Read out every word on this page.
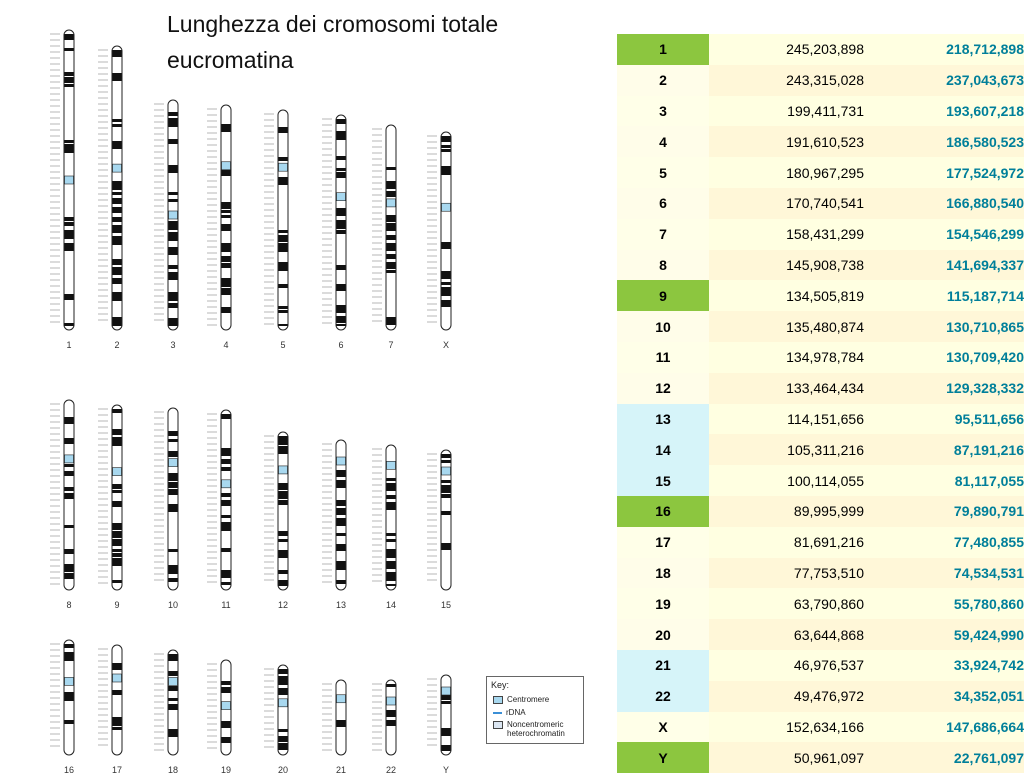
Lunghezza dei cromosomi totale
eucromatina
1	2	3	4	5	6	7	X
8	9	10	11	12	13	14	15
16	17	18	19	20	21	22	Y
Key:
Centromere
rDNA
Noncentromeric heterochromatin
1	245,203,898	218,712,898
2	243,315,028	237,043,673
3	199,411,731	193,607,218
4	191,610,523	186,580,523
5	180,967,295	177,524,972
6	170,740,541	166,880,540
7	158,431,299	154,546,299
8	145,908,738	141,694,337
9	134,505,819	115,187,714
10	135,480,874	130,710,865
11	134,978,784	130,709,420
12	133,464,434	129,328,332
13	114,151,656	95,511,656
14	105,311,216	87,191,216
15	100,114,055	81,117,055
16	89,995,999	79,890,791
17	81,691,216	77,480,855
18	77,753,510	74,534,531
19	63,790,860	55,780,860
20	63,644,868	59,424,990
21	46,976,537	33,924,742
22	49,476,972	34,352,051
X	152,634,166	147,686,664
Y	50,961,097	22,761,097
